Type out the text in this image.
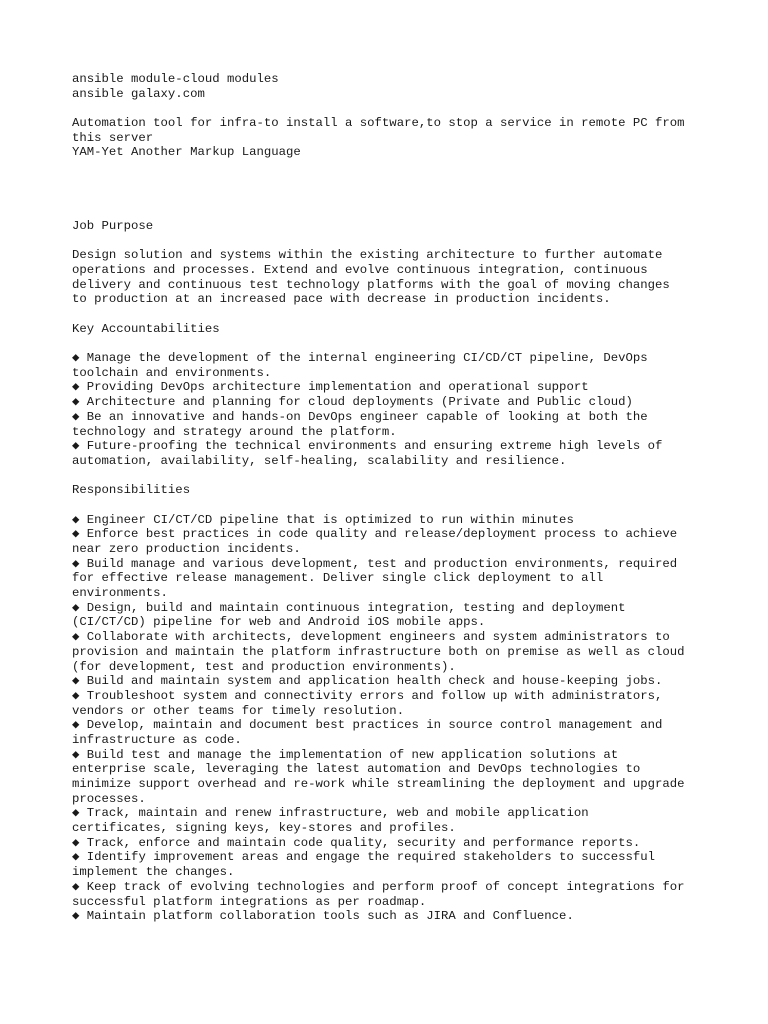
ansible module-cloud modules
ansible galaxy.com
Automation tool for infra-to install a software,to stop a service in remote PC from
this server
YAM-Yet Another Markup Language
Job Purpose
Design solution and systems within the existing architecture to further automate
operations and processes. Extend and evolve continuous integration, continuous
delivery and continuous test technology platforms with the goal of moving changes
to production at an increased pace with decrease in production incidents.
Key Accountabilities
◆ Manage the development of the internal engineering CI/CD/CT pipeline, DevOps
toolchain and environments.
◆ Providing DevOps architecture implementation and operational support
◆ Architecture and planning for cloud deployments (Private and Public cloud)
◆ Be an innovative and hands-on DevOps engineer capable of looking at both the
technology and strategy around the platform.
◆ Future-proofing the technical environments and ensuring extreme high levels of
automation, availability, self-healing, scalability and resilience.
Responsibilities
◆ Engineer CI/CT/CD pipeline that is optimized to run within minutes
◆ Enforce best practices in code quality and release/deployment process to achieve
near zero production incidents.
◆ Build manage and various development, test and production environments, required
for effective release management. Deliver single click deployment to all
environments.
◆ Design, build and maintain continuous integration, testing and deployment
(CI/CT/CD) pipeline for web and Android iOS mobile apps.
◆ Collaborate with architects, development engineers and system administrators to
provision and maintain the platform infrastructure both on premise as well as cloud
(for development, test and production environments).
◆ Build and maintain system and application health check and house-keeping jobs.
◆ Troubleshoot system and connectivity errors and follow up with administrators,
vendors or other teams for timely resolution.
◆ Develop, maintain and document best practices in source control management and
infrastructure as code.
◆ Build test and manage the implementation of new application solutions at
enterprise scale, leveraging the latest automation and DevOps technologies to
minimize support overhead and re-work while streamlining the deployment and upgrade
processes.
◆ Track, maintain and renew infrastructure, web and mobile application
certificates, signing keys, key-stores and profiles.
◆ Track, enforce and maintain code quality, security and performance reports.
◆ Identify improvement areas and engage the required stakeholders to successful
implement the changes.
◆ Keep track of evolving technologies and perform proof of concept integrations for
successful platform integrations as per roadmap.
◆ Maintain platform collaboration tools such as JIRA and Confluence.
